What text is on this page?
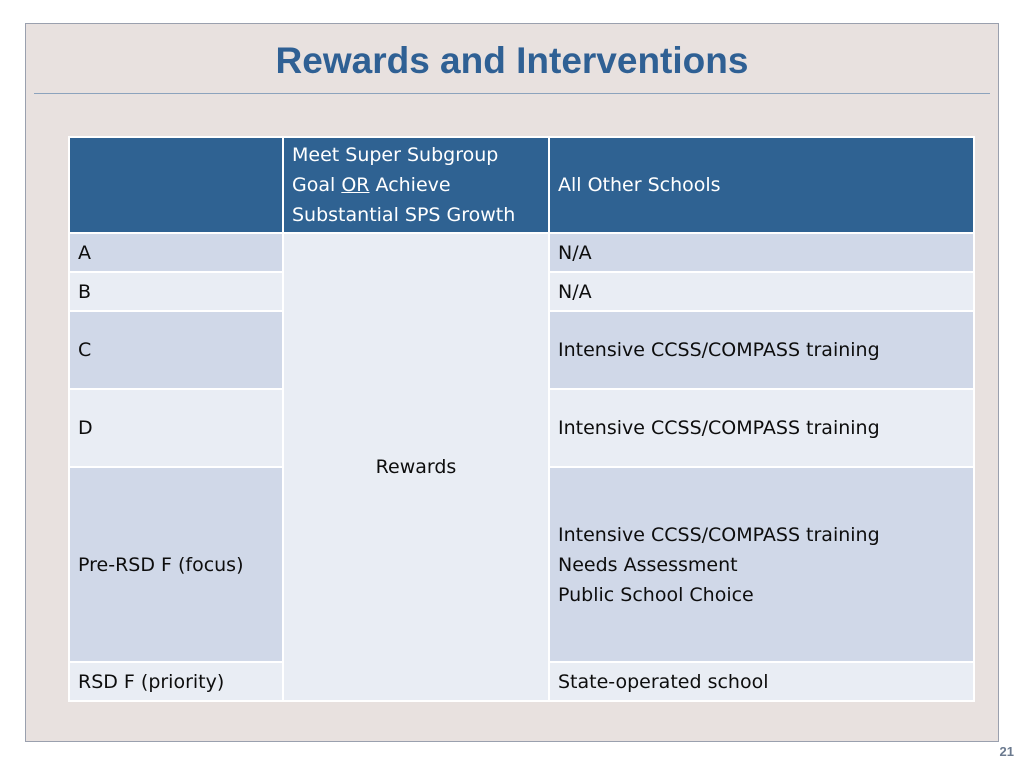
Rewards and Interventions

	Meet Super Subgroup
Goal OR Achieve
Substantial SPS Growth	All Other Schools
A	Rewards	N/A
B		N/A
C		Intensive CCSS/COMPASS training
D		Intensive CCSS/COMPASS training
Pre-RSD F (focus)		Intensive CCSS/COMPASS training
Needs Assessment
Public School Choice

RSD F (priority)		State-operated school
21
